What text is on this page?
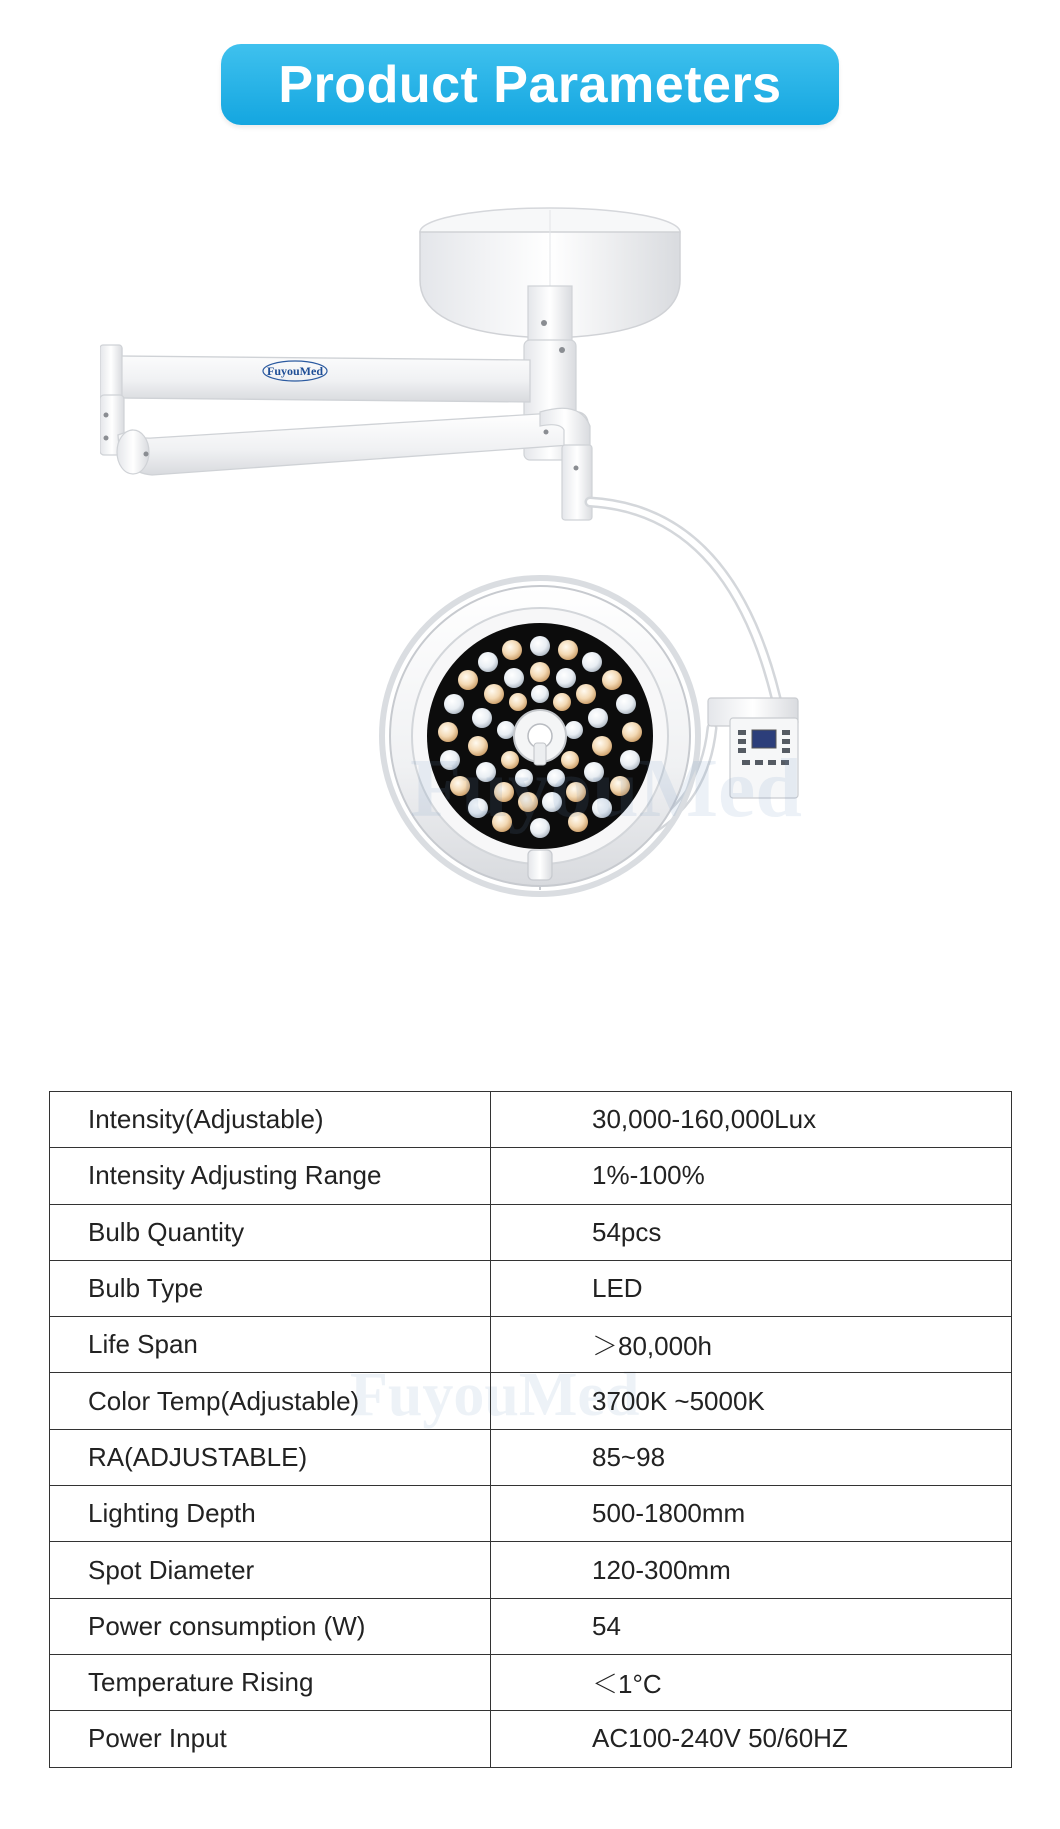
Product Parameters
FuyouMed
FuyouMed
Intensity(Adjustable)	30,000-160,000Lux
Intensity Adjusting Range	1%-100%
Bulb Quantity	54pcs
Bulb Type	LED
Life Span	＞80,000h
Color Temp(Adjustable)	3700K ~5000K
RA(ADJUSTABLE)	85~98
Lighting Depth	500-1800mm
Spot Diameter	120-300mm
Power consumption (W)	54
Temperature Rising	＜1°C
Power Input	AC100-240V 50/60HZ
